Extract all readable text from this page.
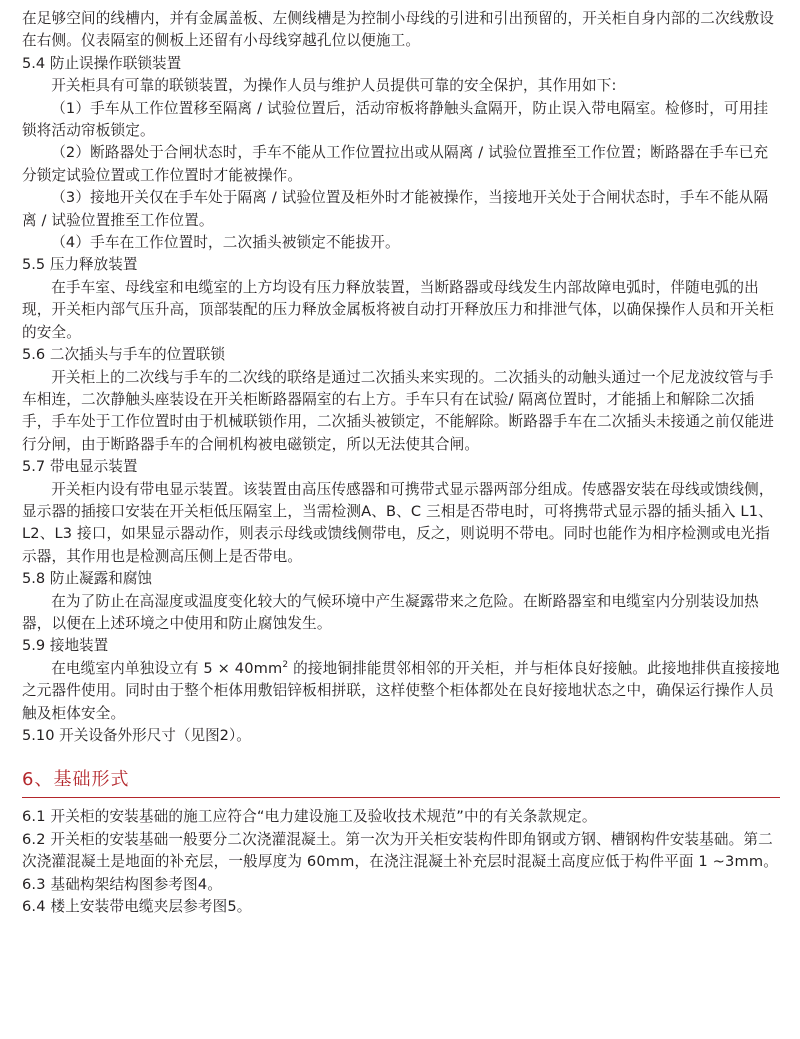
在足够空间的线槽内，并有金属盖板、左侧线槽是为控制小母线的引进和引出预留的，开关柜自身内部的二次线敷设在右侧。仪表隔室的侧板上还留有小母线穿越孔位以便施工。

5.4 防止误操作联锁装置

开关柜具有可靠的联锁装置，为操作人员与维护人员提供可靠的安全保护，其作用如下:

（1）手车从工作位置移至隔离 / 试验位置后，活动帘板将静触头盒隔开，防止误入带电隔室。检修时，可用挂锁将活动帘板锁定。

（2）断路器处于合闸状态时，手车不能从工作位置拉出或从隔离 / 试验位置推至工作位置；断路器在手车已充分锁定试验位置或工作位置时才能被操作。

（3）接地开关仅在手车处于隔离 / 试验位置及柜外时才能被操作，当接地开关处于合闸状态时，手车不能从隔离 / 试验位置推至工作位置。

（4）手车在工作位置时，二次插头被锁定不能拔开。

5.5 压力释放装置

在手车室、母线室和电缆室的上方均设有压力释放装置，当断路器或母线发生内部故障电弧时，伴随电弧的出现，开关柜内部气压升高，顶部装配的压力释放金属板将被自动打开释放压力和排泄气体，以确保操作人员和开关柜的安全。

5.6 二次插头与手车的位置联锁

开关柜上的二次线与手车的二次线的联络是通过二次插头来实现的。二次插头的动触头通过一个尼龙波纹管与手车相连，二次静触头座装设在开关柜断路器隔室的右上方。手车只有在试验/ 隔离位置时，才能插上和解除二次插手，手车处于工作位置时由于机械联锁作用，二次插头被锁定，不能解除。断路器手车在二次插头未接通之前仅能进行分闸，由于断路器手车的合闸机构被电磁锁定，所以无法使其合闸。

5.7 带电显示装置

开关柜内设有带电显示装置。该装置由高压传感器和可携带式显示器两部分组成。传感器安装在母线或馈线侧，显示器的插接口安装在开关柜低压隔室上，当需检测A、B、C 三相是否带电时，可将携带式显示器的插头插入 L1、L2、L3 接口，如果显示器动作，则表示母线或馈线侧带电，反之，则说明不带电。同时也能作为相序检测或电光指示器，其作用也是检测高压侧上是否带电。

5.8 防止凝露和腐蚀

在为了防止在高湿度或温度变化较大的气候环境中产生凝露带来之危险。在断路器室和电缆室内分别装设加热器，以便在上述环境之中使用和防止腐蚀发生。

5.9 接地装置

在电缆室内单独设立有 $5 \times 40mm^2$ 的接地铜排能贯邻相邻的开关柜，并与柜体良好接触。此接地排供直接接地之元器件使用。同时由于整个柜体用敷铝锌板相拼联，这样使整个柜体都处在良好接地状态之中，确保运行操作人员触及柜体安全。

5.10 开关设备外形尺寸（见图2）。

6、基础形式

6.1 开关柜的安装基础的施工应符合“电力建设施工及验收技术规范”中的有关条款规定。

6.2 开关柜的安装基础一般要分二次浇灌混凝土。第一次为开关柜安装构件即角钢或方钢、槽钢构件安装基础。第二次浇灌混凝土是地面的补充层，一般厚度为 60mm，在浇注混凝土补充层时混凝土高度应低于构件平面 1 ~3mm。

6.3 基础构架结构图参考图4。

6.4 楼上安装带电缆夹层参考图5。
